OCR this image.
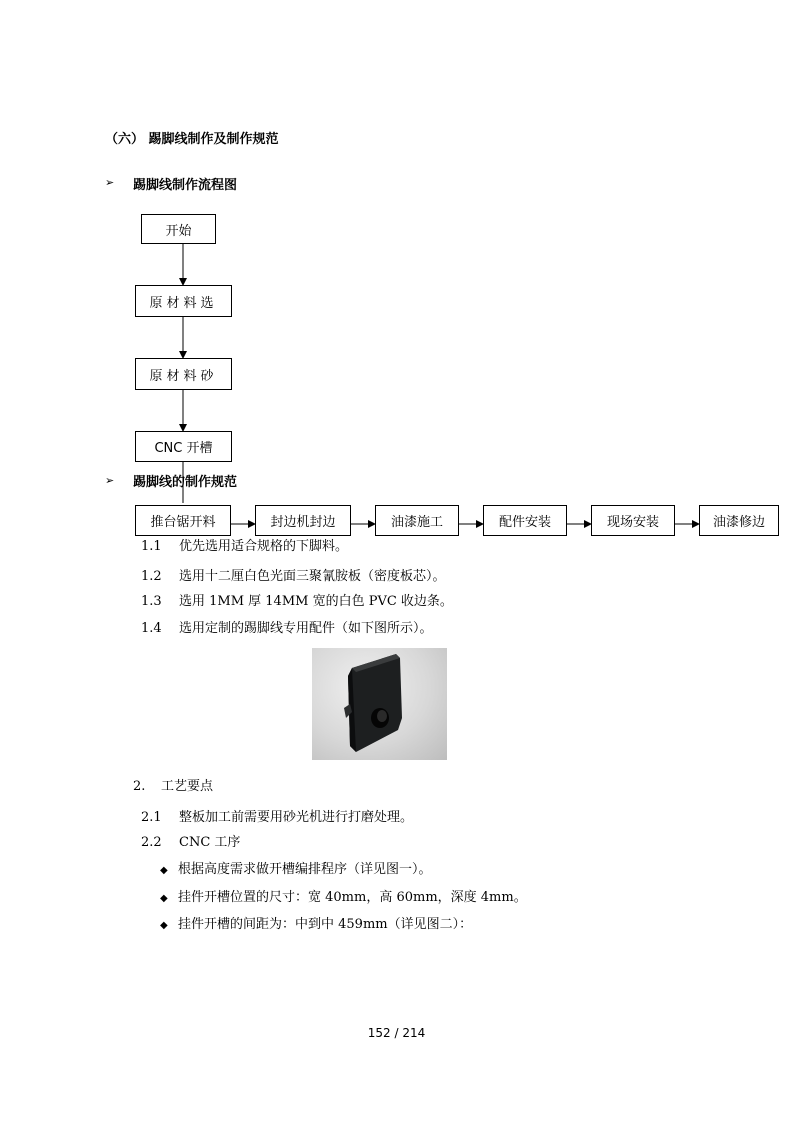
（六） 踢脚线制作及制作规范
➢ 踢脚线制作流程图
开始
原材料选
原材料砂
CNC 开槽
➢ 踢脚线的制作规范
推台锯开料	封边机封边	油漆施工	配件安装	现场安装	油漆修边
1.1 优先选用适合规格的下脚料。
1.2 选用十二厘白色光面三聚氰胺板（密度板芯）。
1.3 选用 1MM 厚 14MM 宽的白色 PVC 收边条。
1.4 选用定制的踢脚线专用配件（如下图所示）。
2. 工艺要点
2.1 整板加工前需要用砂光机进行打磨处理。
2.2 CNC 工序
◆ 根据高度需求做开槽编排程序（详见图一）。
◆ 挂件开槽位置的尺寸：宽 40mm，高 60mm，深度 4mm。
◆ 挂件开槽的间距为：中到中 459mm（详见图二）：
152 / 214
